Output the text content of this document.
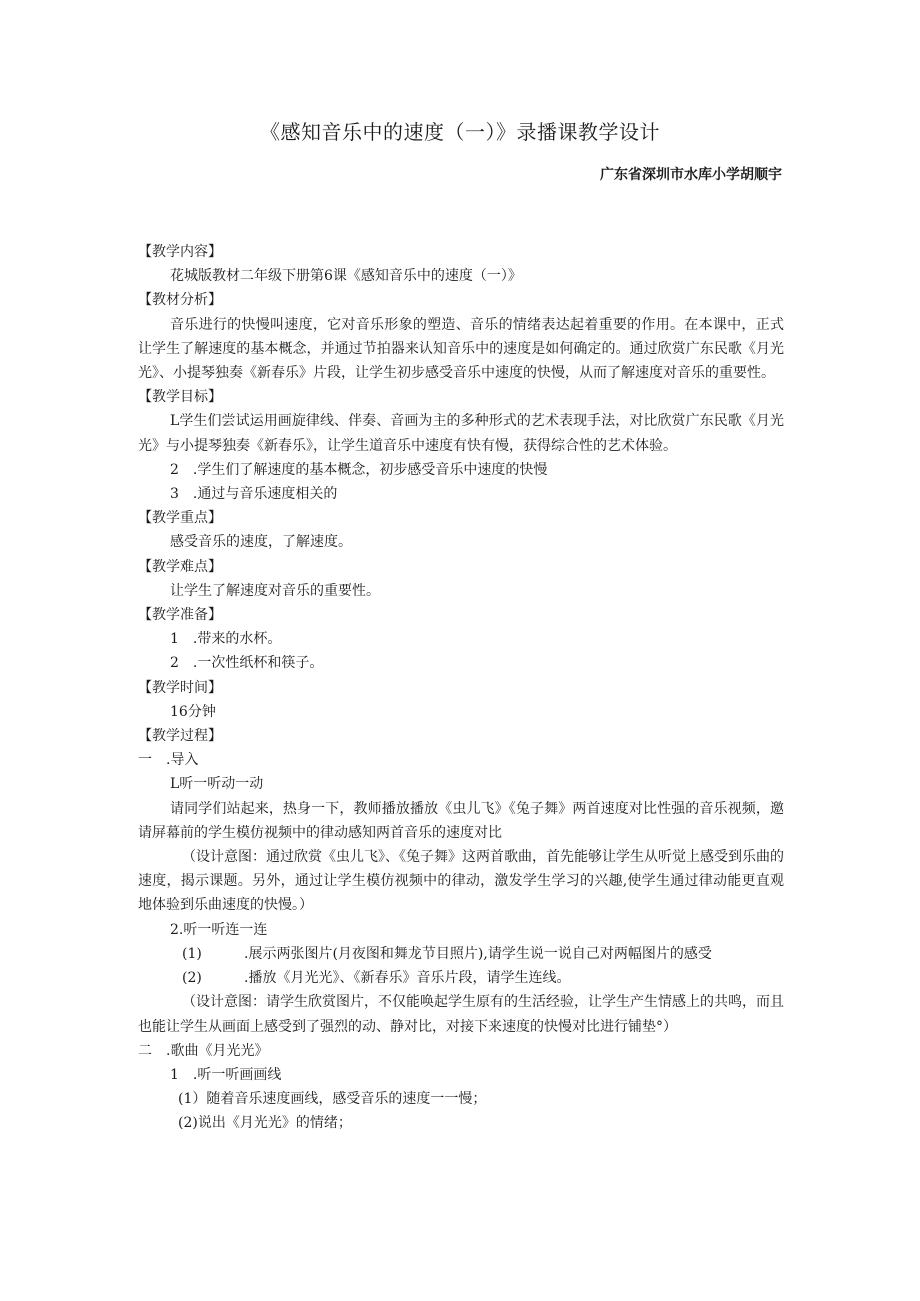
《感知音乐中的速度（一）》录播课教学设计
广东省深圳市水库小学胡顺宇
【教学内容】
花城版教材二年级下册第6课《感知音乐中的速度（一）》
【教材分析】
音乐进行的快慢叫速度，它对音乐形象的塑造、音乐的情绪表达起着重要的作用。在本课中，正式让学生了解速度的基本概念，并通过节拍器来认知音乐中的速度是如何确定的。通过欣赏广东民歌《月光光》、小提琴独奏《新春乐》片段，让学生初步感受音乐中速度的快慢，从而了解速度对音乐的重要性。
【教学目标】
L学生们尝试运用画旋律线、伴奏、音画为主的多种形式的艺术表现手法，对比欣赏广东民歌《月光光》与小提琴独奏《新春乐》，让学生道音乐中速度有快有慢，获得综合性的艺术体验。
2　.学生们了解速度的基本概念，初步感受音乐中速度的快慢
3　.通过与音乐速度相关的
【教学重点】
感受音乐的速度，了解速度。
【教学难点】
让学生了解速度对音乐的重要性。
【教学准备】
1　.带来的水杯。
2　.一次性纸杯和筷子。
【教学时间】
16分钟
【教学过程】
一　.导入
L听一听动一动
请同学们站起来，热身一下，教师播放播放《虫儿飞》《兔子舞》两首速度对比性强的音乐视频，邀请屏幕前的学生模仿视频中的律动感知两首音乐的速度对比
（设计意图：通过欣赏《虫儿飞》、《兔子舞》这两首歌曲，首先能够让学生从听觉上感受到乐曲的速度，揭示课题。另外，通过让学生模仿视频中的律动，激发学生学习的兴趣,使学生通过律动能更直观地体验到乐曲速度的快慢。）
2.听一听连一连
(1)	.展示两张图片(月夜图和舞龙节目照片),请学生说一说自己对两幅图片的感受
(2)	.播放《月光光》、《新春乐》音乐片段，请学生连线。
（设计意图：请学生欣赏图片，不仅能唤起学生原有的生活经验，让学生产生情感上的共鸣，而且也能让学生从画面上感受到了强烈的动、静对比，对接下来速度的快慢对比进行铺垫°）
二　.歌曲《月光光》
1　.听一听画画线
(1）随着音乐速度画线，感受音乐的速度一一慢；
(2)说出《月光光》的情绪；
